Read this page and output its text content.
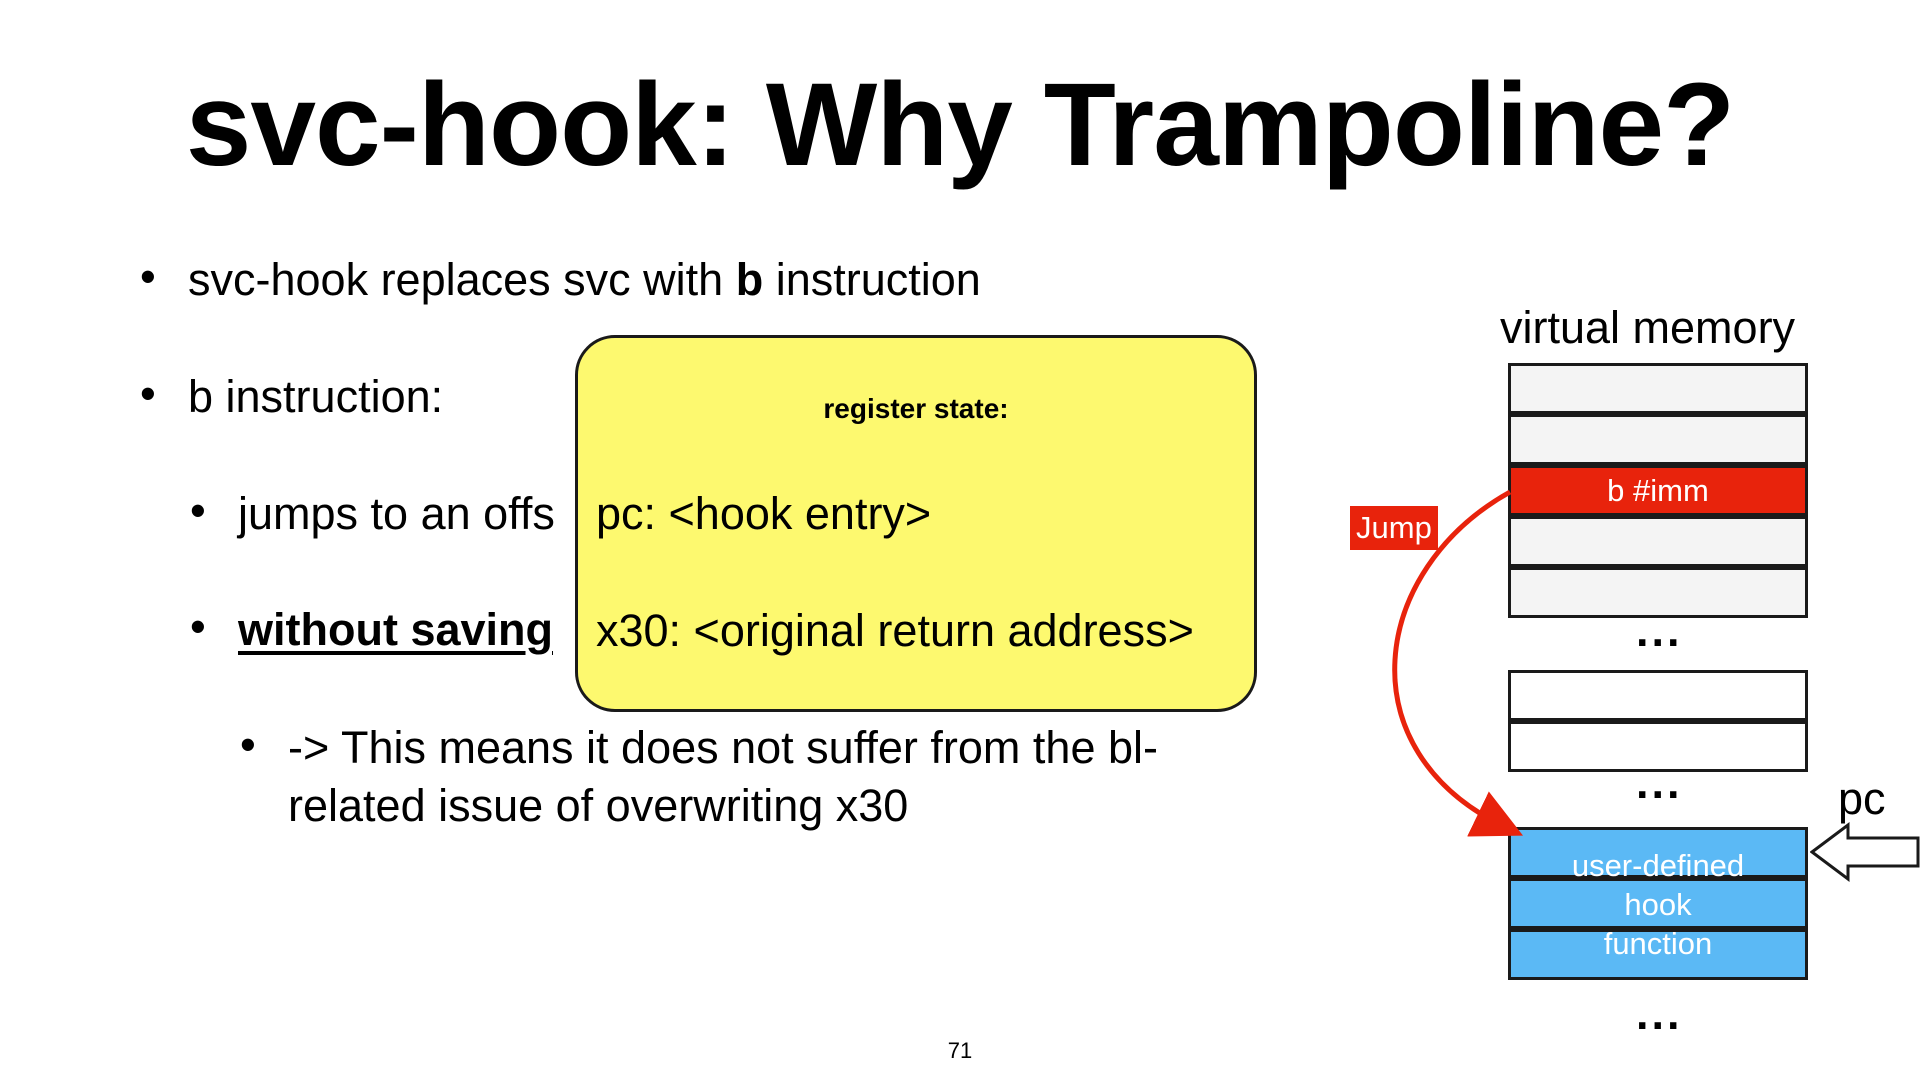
svc-hook: Why Trampoline?
• svc-hook replaces svc with b instruction
• b instruction:
• jumps to an offs
• without saving
• -> This means it does not suffer from the bl-
related issue of overwriting x30
register state:
pc: <hook entry>
x30: <original return address>
virtual memory
b #imm
...
...
user-defined
hook
function
...
Jump
pc
71
